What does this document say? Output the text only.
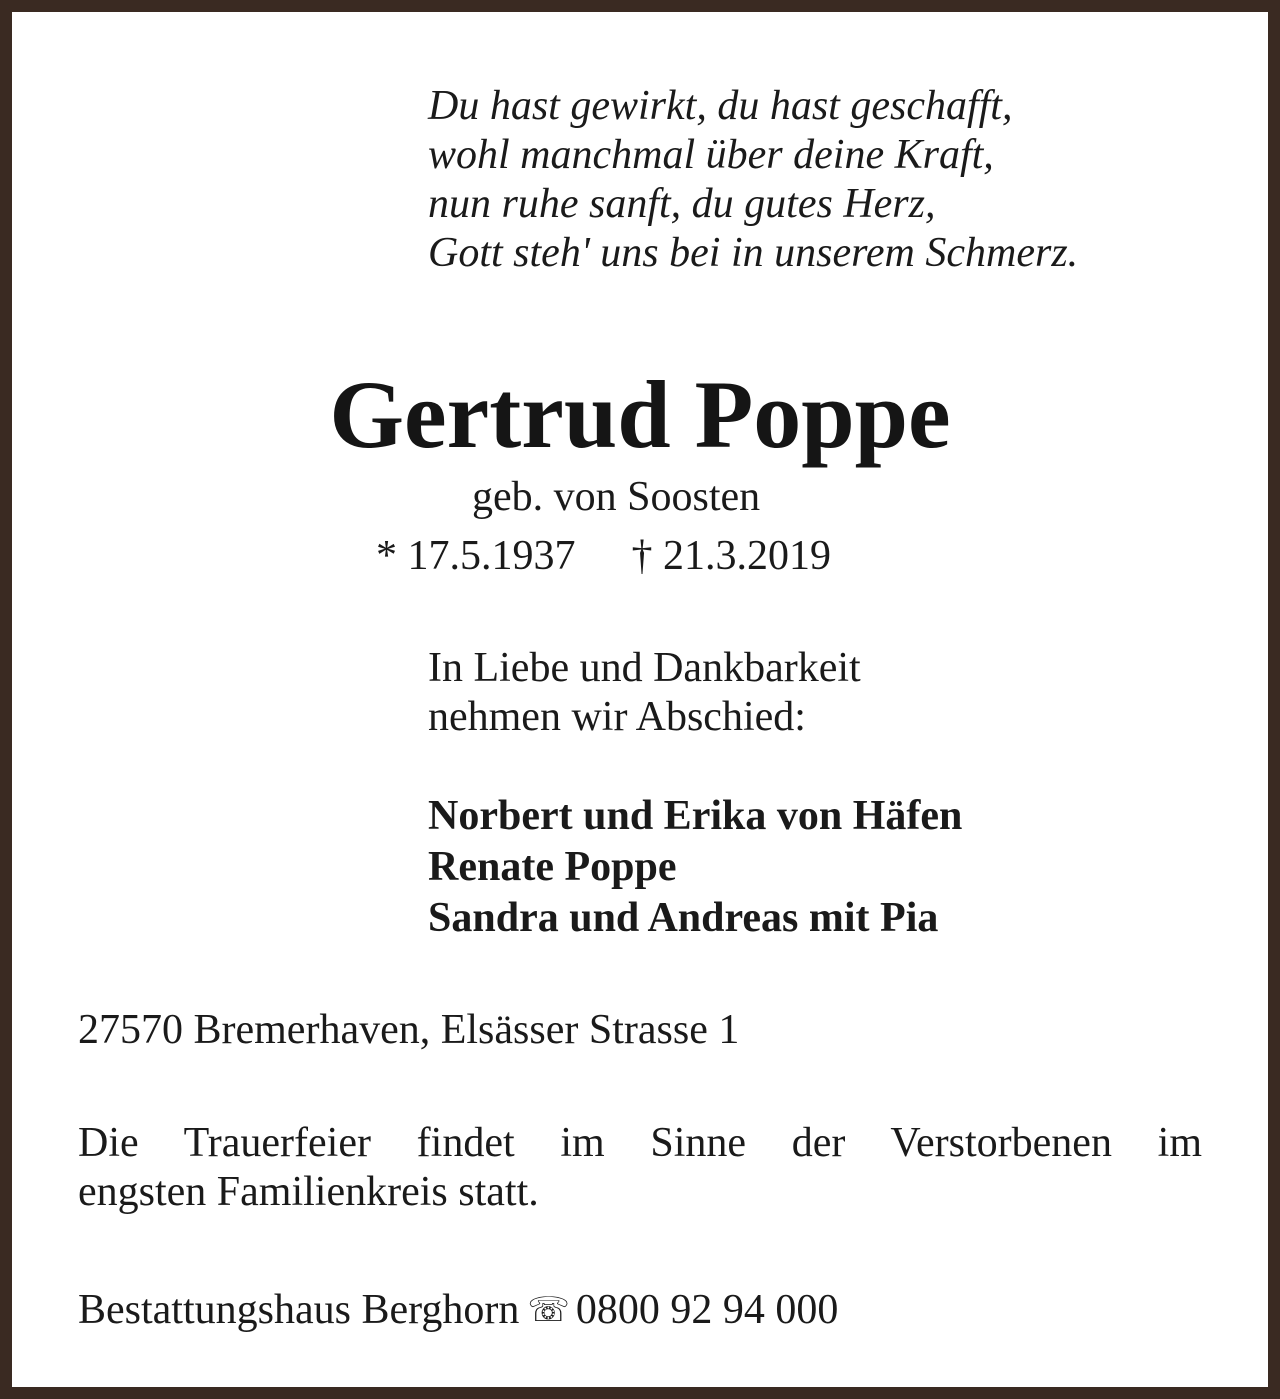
Du hast gewirkt, du hast geschafft,
wohl manchmal über deine Kraft,
nun ruhe sanft, du gutes Herz,
Gott steh' uns bei in unserem Schmerz.
Gertrud Poppe
geb. von Soosten
* 17.5.1937 † 21.3.2019
In Liebe und Dankbarkeit
nehmen wir Abschied:
Norbert und Erika von Häfen
Renate Poppe
Sandra und Andreas mit Pia
27570 Bremerhaven, Elsässer Strasse 1
Die Trauerfeier findet im Sinne der Verstorbenen im
engsten Familienkreis statt.
Bestattungshaus Berghorn ☏ 0800 92 94 000
